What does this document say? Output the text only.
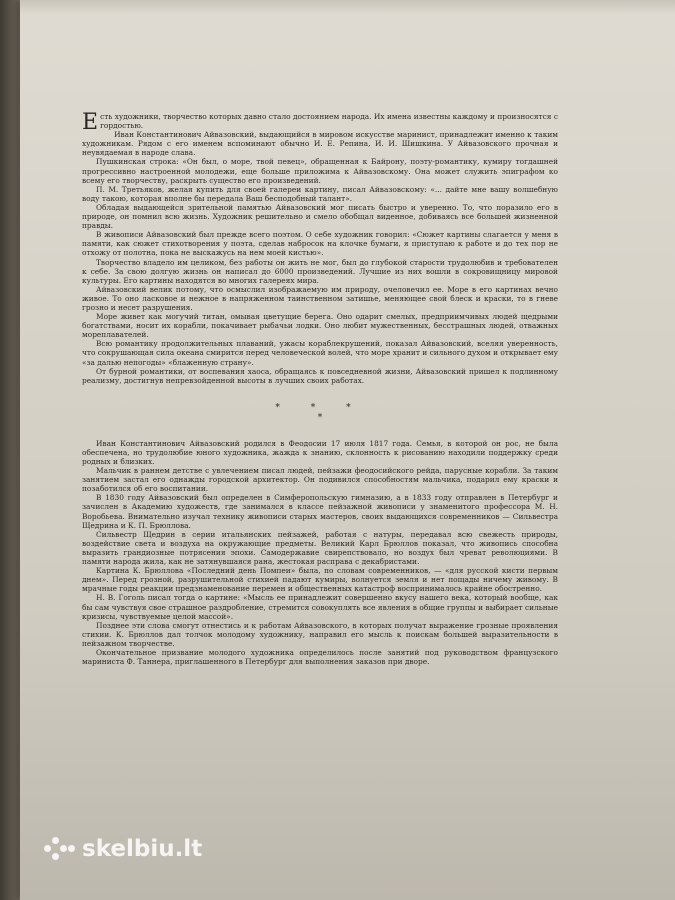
Есть художники, творчество которых давно стало достоянием народа. Их имена известны каждому и произносятся с гордостью.

Иван Константинович Айвазовский, выдающийся в мировом искусстве маринист, принадлежит именно к таким художникам. Рядом с его именем вспоминают обычно И. Е. Репина, И. И. Шишкина. У Айвазовского прочная и неувядаемая в народе слава.

Пушкинская строка: «Он был, о море, твой певец», обращенная к Байрону, поэту-романтику, кумиру тогдашней прогрессивно настроенной молодежи, еще больше приложима к Айвазовскому. Она может служить эпиграфом ко всему его творчеству, раскрыть существо его произведений.

П. М. Третьяков, желая купить для своей галереи картину, писал Айвазовскому: «... дайте мне вашу волшебную воду такою, которая вполне бы передала Ваш бесподобный талант».

Обладая выдающейся зрительной памятью Айвазовский мог писать быстро и уверенно. То, что поразило его в природе, он помнил всю жизнь. Художник решительно и смело обобщал виденное, добиваясь все большей жизненной правды.

В живописи Айвазовский был прежде всего поэтом. О себе художник говорил: «Сюжет картины слагается у меня в памяти, как сюжет стихотворения у поэта, сделав набросок на клочке бумаги, я приступаю к работе и до тех пор не отхожу от полотна, пока не выскажусь на нем моей кистью».

Творчество владело им целиком, без работы он жить не мог, был до глубокой старости трудолюбив и требователен к себе. За свою долгую жизнь он написал до 6000 произведений. Лучшие из них вошли в сокровищницу мировой культуры. Его картины находятся во многих галереях мира.

Айвазовский велик потому, что осмыслил изображаемую им природу, очеловечил ее. Море в его картинах вечно живое. То оно ласковое и нежное в напряженном таинственном затишье, меняющее свой блеск и краски, то в гневе грозно и несет разрушения.

Море живет как могучий титан, омывая цветущие берега. Оно одарит смелых, предприимчивых людей щедрыми богатствами, носит их корабли, покачивает рыбачьи лодки. Оно любит мужественных, бесстрашных людей, отважных мореплавателей.

Всю романтику продолжительных плаваний, ужасы кораблекрушений, показал Айвазовский, вселяя уверенность, что сокрушающая сила океана смирится перед человеческой волей, что море хранит и сильного духом и открывает ему «за далью непогоды» «блаженную страну».

От бурной романтики, от воспевания хаоса, обращаясь к повседневной жизни, Айвазовский пришел к подлинному реализму, достигнув непревзойденной высоты в лучших своих работах.

* * *
*

Иван Константинович Айвазовский родился в Феодосии 17 июля 1817 года. Семья, в которой он рос, не была обеспечена, но трудолюбие юного художника, жажда к знанию, склонность к рисованию находили поддержку среди родных и близких.

Мальчик в раннем детстве с увлечением писал людей, пейзажи феодосийского рейда, парусные корабли. За таким занятием застал его однажды городской архитектор. Он подивился способностям мальчика, подарил ему краски и позаботился об его воспитании.

В 1830 году Айвазовский был определен в Симферопольскую гимназию, а в 1833 году отправлен в Петербург и зачислен в Академию художеств, где занимался в классе пейзажной живописи у знаменитого профессора М. Н. Воробьева. Внимательно изучал технику живописи старых мастеров, своих выдающихся современников — Сильвестра Щедрина и К. П. Брюллова.

Сильвестр Щедрин в серии итальянских пейзажей, работая с натуры, передавал всю свежесть природы, воздействие света и воздуха на окружающие предметы. Великий Карл Брюллов показал, что живопись способна выразить грандиозные потрясения эпохи. Самодержавие свирепствовало, но воздух был чреват революциями. В памяти народа жила, как не затянувшаяся рана, жестокая расправа с декабристами.

Картина К. Брюллова «Последний день Помпеи» была, по словам современников, — «для русской кисти первым днем». Перед грозной, разрушительной стихией падают кумиры, волнуется земля и нет пощады ничему живому. В мрачные годы реакции предзнаменование перемен и общественных катастроф воспринималось крайне обостренно.

Н. В. Гоголь писал тогда о картине: «Мысль ее принадлежит совершенно вкусу нашего века, который вообще, как бы сам чувствуя свое страшное раздробление, стремится совокуплять все явления в общие группы и выбирает сильные кризисы, чувствуемые целой массой».

Позднее эти слова смогут отнестись и к работам Айвазовского, в которых получат выражение грозные проявления стихии. К. Брюллов дал толчок молодому художнику, направил его мысль к поискам большей выразительности в пейзажном творчестве.

Окончательное призвание молодого художника определилось после занятий под руководством французского мариниста Ф. Таннера, приглашенного в Петербург для выполнения заказов при дворе.

skelbiu.lt
